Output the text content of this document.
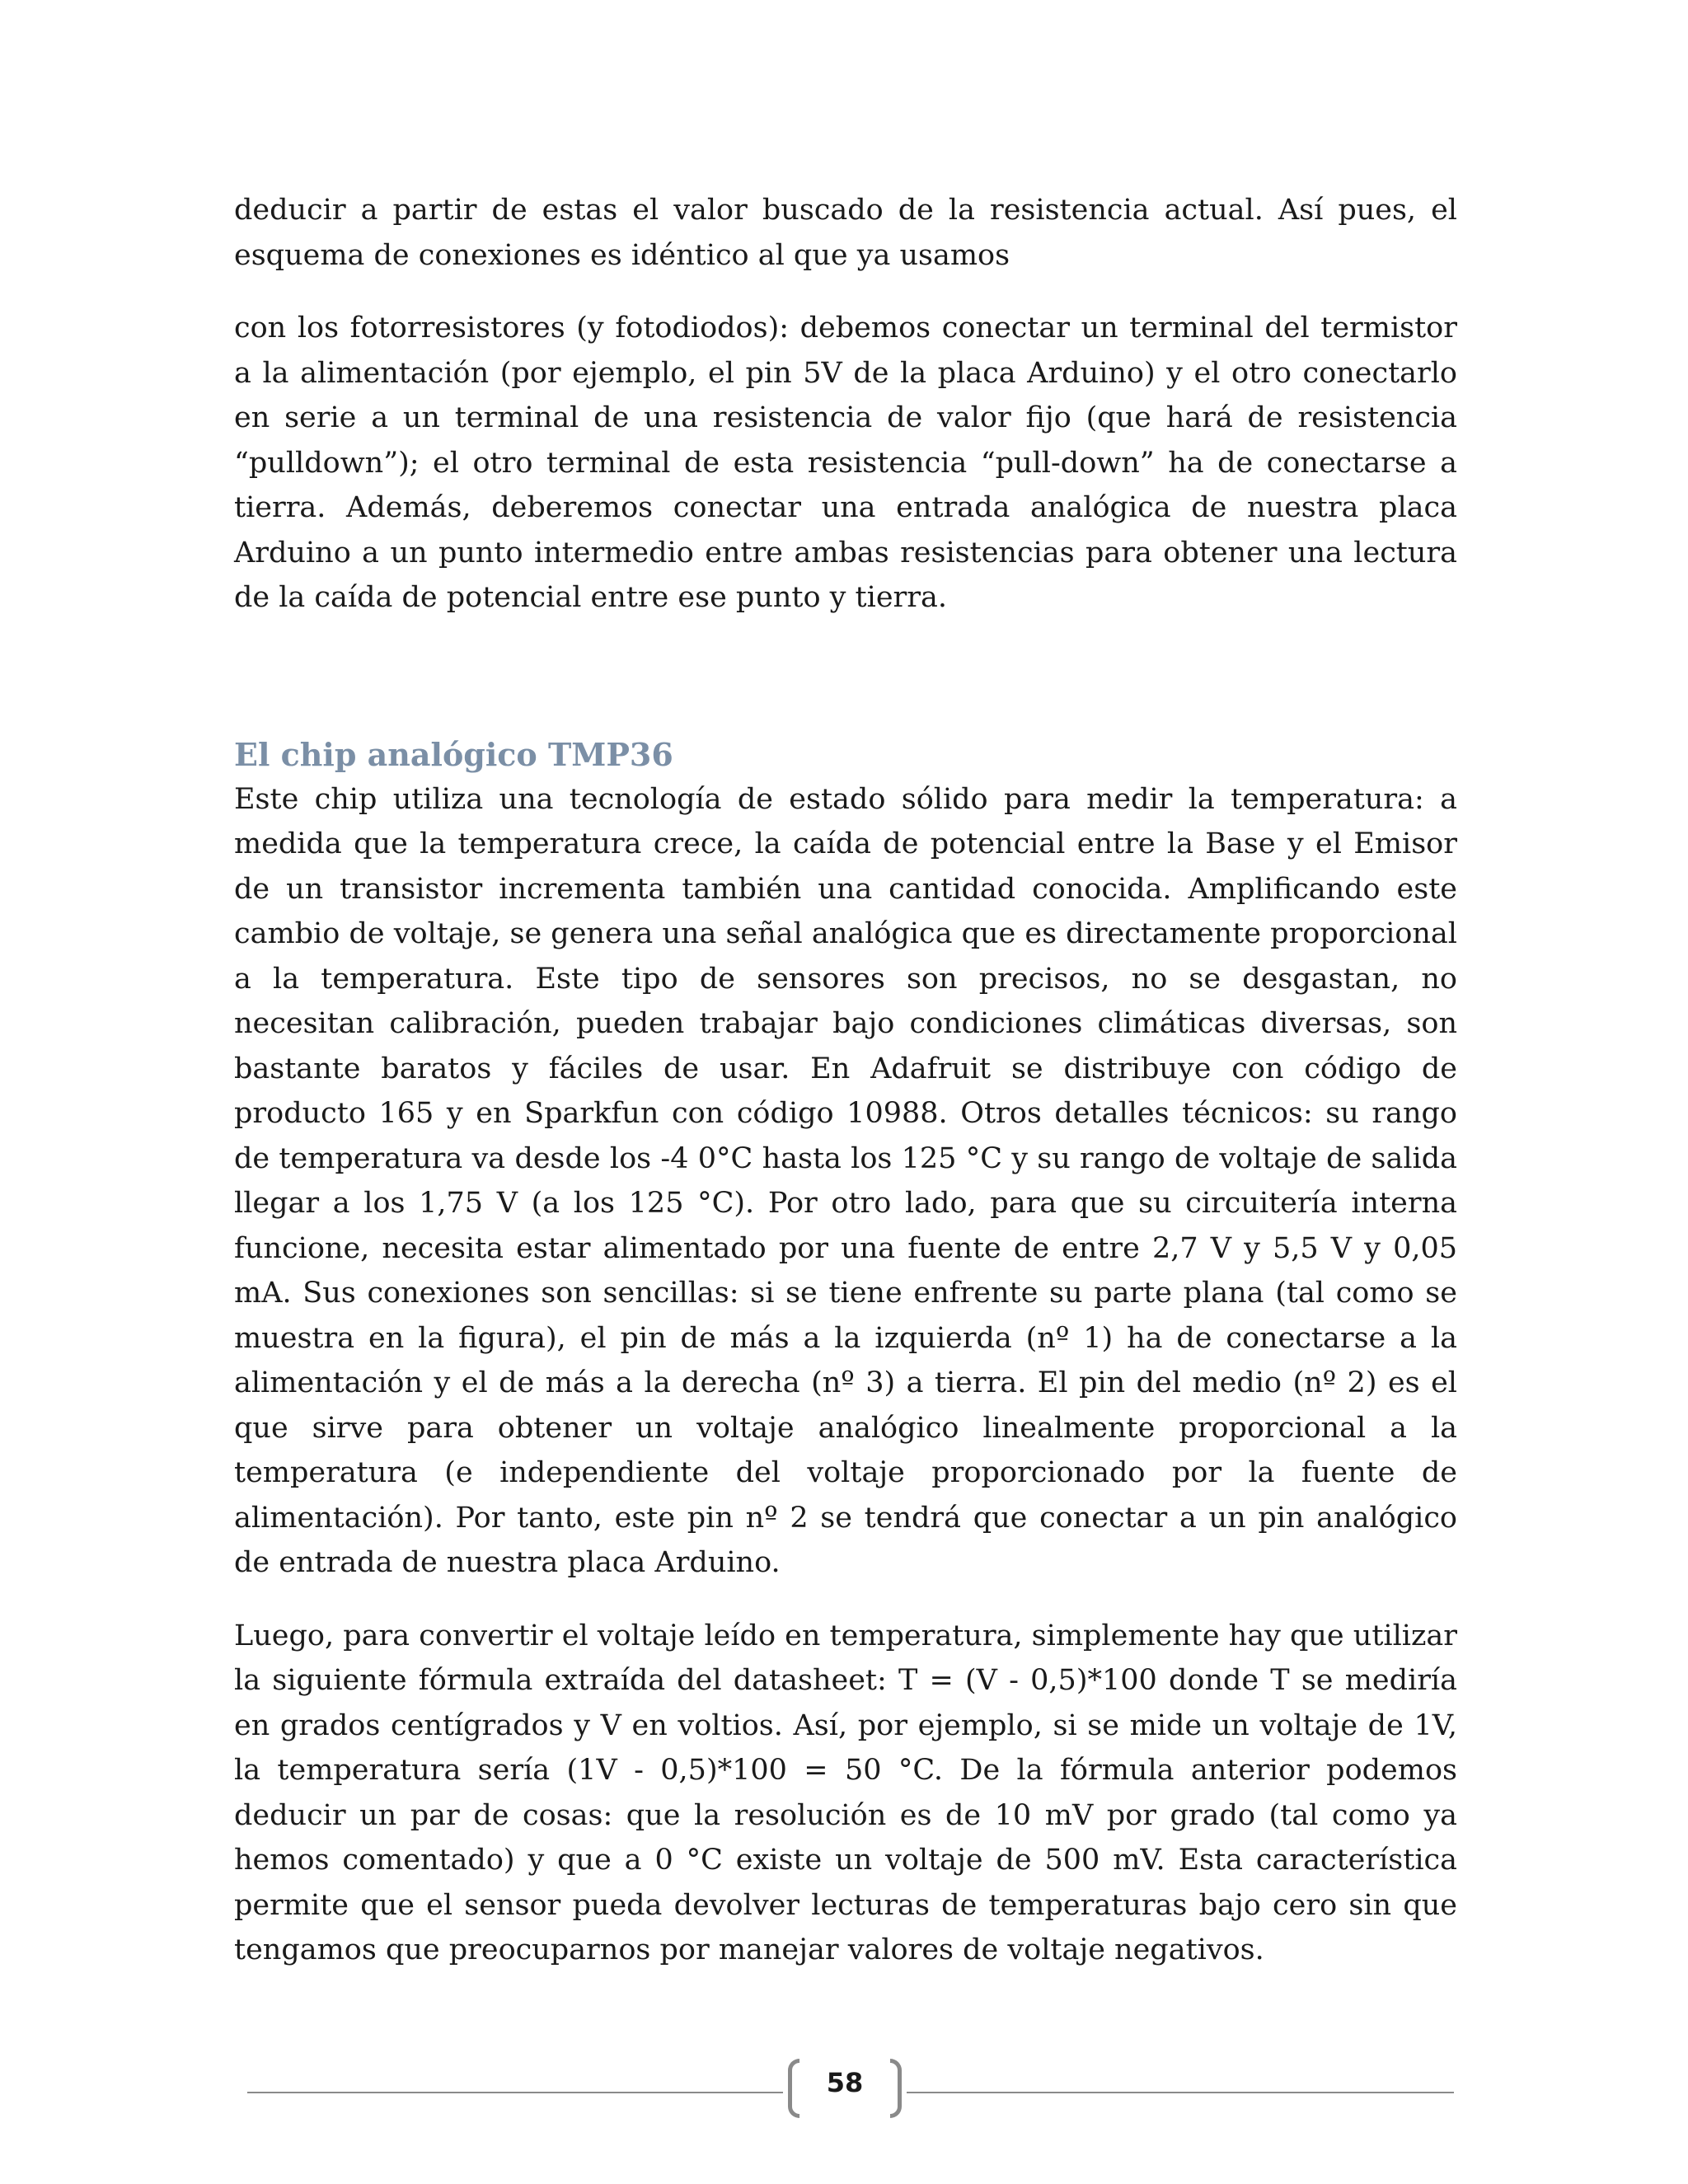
deducir a partir de estas el valor buscado de la resistencia actual. Así pues, el esquema de conexiones es idéntico al que ya usamos

con los fotorresistores (y fotodiodos): debemos conectar un terminal del termistor a la alimentación (por ejemplo, el pin 5V de la placa Arduino) y el otro conectarlo en serie a un terminal de una resistencia de valor fijo (que hará de resistencia “pulldown”); el otro terminal de esta resistencia “pull-down” ha de conectarse a tierra. Además, deberemos conectar una entrada analógica de nuestra placa Arduino a un punto intermedio entre ambas resistencias para obtener una lectura de la caída de potencial entre ese punto y tierra.

El chip analógico TMP36

Este chip utiliza una tecnología de estado sólido para medir la temperatura: a medida que la temperatura crece, la caída de potencial entre la Base y el Emisor de un transistor incrementa también una cantidad conocida. Amplificando este cambio de voltaje, se genera una señal analógica que es directamente proporcional a la temperatura. Este tipo de sensores son precisos, no se desgastan, no necesitan calibración, pueden trabajar bajo condiciones climáticas diversas, son bastante baratos y fáciles de usar. En Adafruit se distribuye con código de producto 165 y en Sparkfun con código 10988. Otros detalles técnicos: su rango de temperatura va desde los -4 0°C hasta los 125 °C y su rango de voltaje de salida llegar a los 1,75 V (a los 125 °C). Por otro lado, para que su circuitería interna funcione, necesita estar alimentado por una fuente de entre 2,7 V y 5,5 V y 0,05 mA. Sus conexiones son sencillas: si se tiene enfrente su parte plana (tal como se muestra en la figura), el pin de más a la izquierda (nº 1) ha de conectarse a la alimentación y el de más a la derecha (nº 3) a tierra. El pin del medio (nº 2) es el que sirve para obtener un voltaje analógico linealmente proporcional a la temperatura (e independiente del voltaje proporcionado por la fuente de alimentación). Por tanto, este pin nº 2 se tendrá que conectar a un pin analógico de entrada de nuestra placa Arduino.

Luego, para convertir el voltaje leído en temperatura, simplemente hay que utilizar la siguiente fórmula extraída del datasheet: T = (V - 0,5)*100 donde T se mediría en grados centígrados y V en voltios. Así, por ejemplo, si se mide un voltaje de 1V, la temperatura sería (1V - 0,5)*100 = 50 °C. De la fórmula anterior podemos deducir un par de cosas: que la resolución es de 10 mV por grado (tal como ya hemos comentado) y que a 0 °C existe un voltaje de 500 mV. Esta característica permite que el sensor pueda devolver lecturas de temperaturas bajo cero sin que tengamos que preocuparnos por manejar valores de voltaje negativos.

58
